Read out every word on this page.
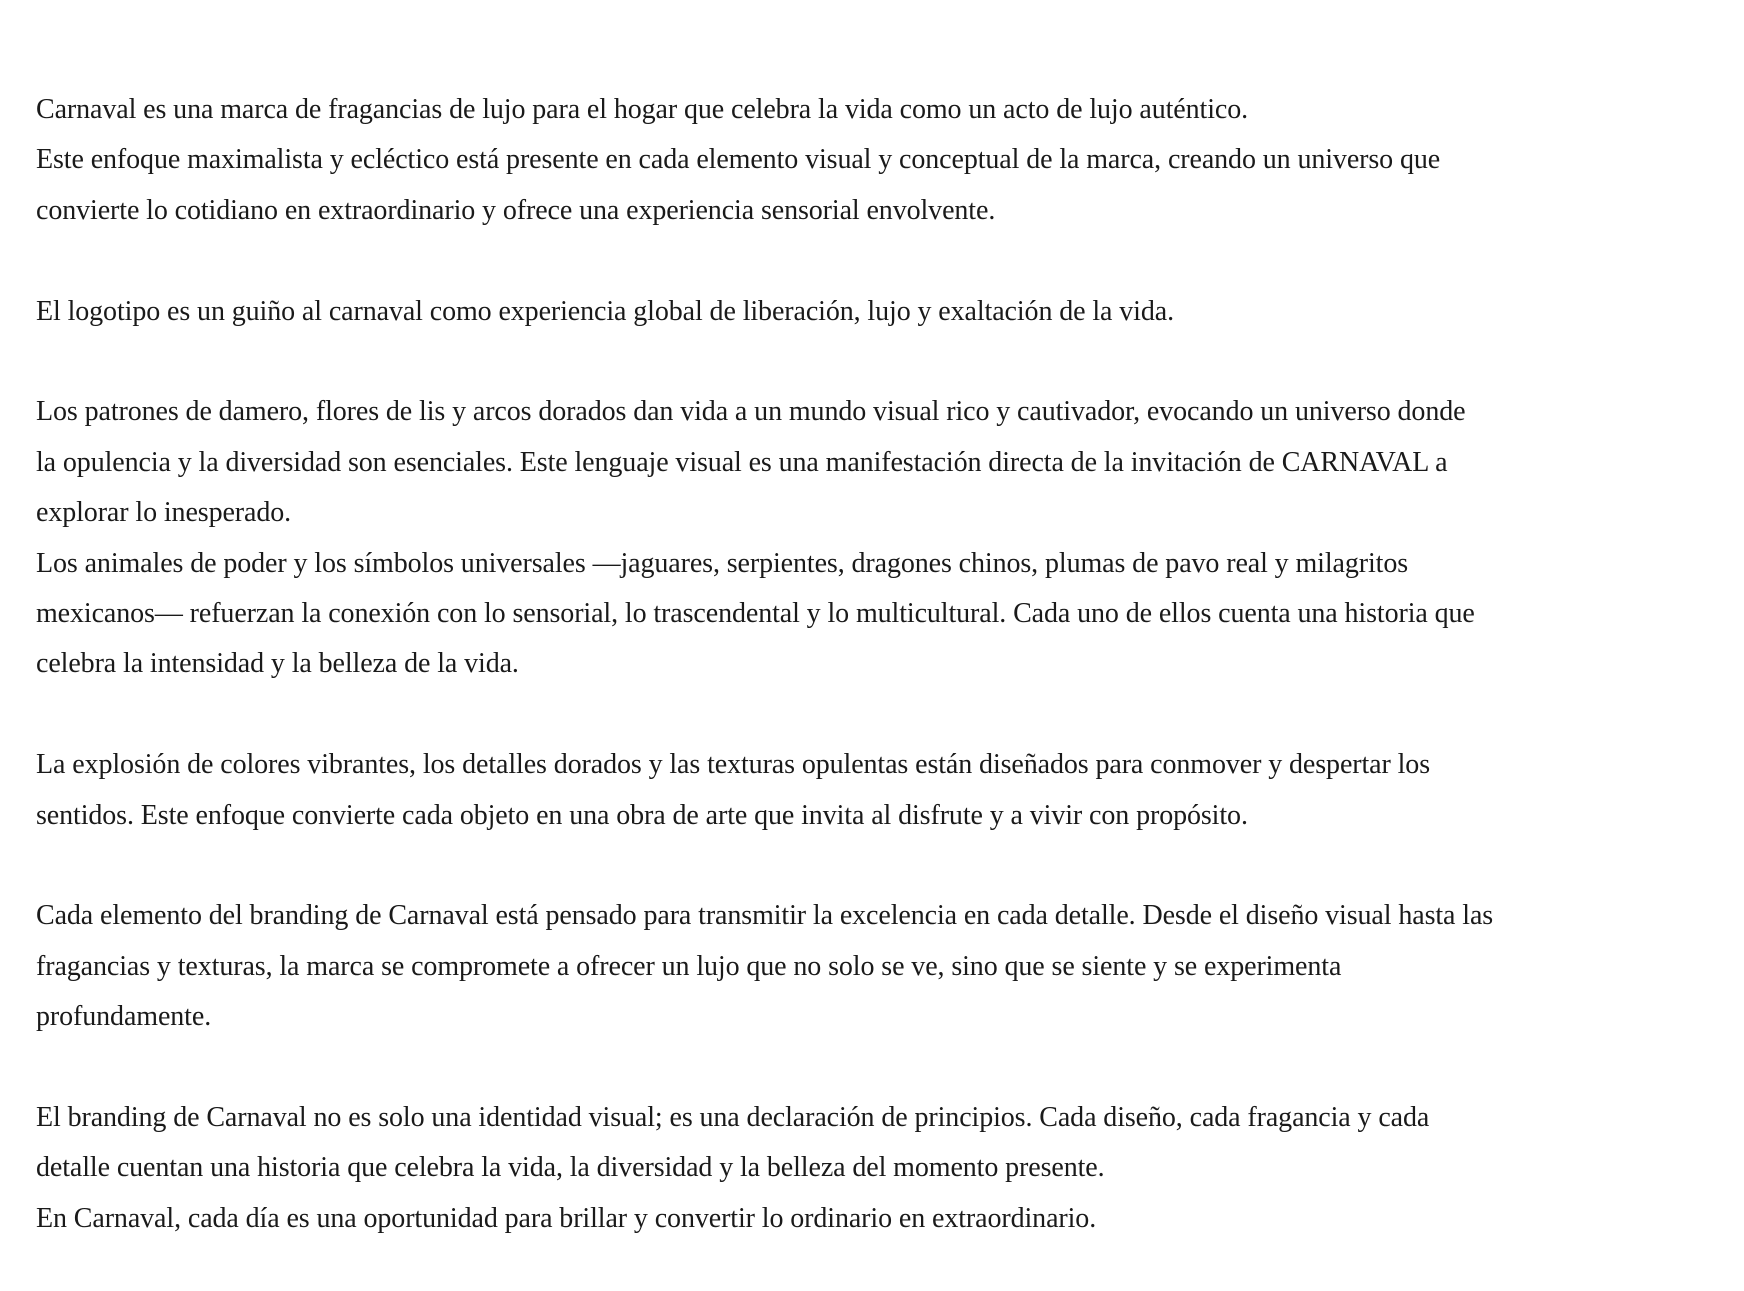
Carnaval es una marca de fragancias de lujo para el hogar que celebra la vida como un acto de lujo auténtico.
Este enfoque maximalista y ecléctico está presente en cada elemento visual y conceptual de la marca, creando un universo que
convierte lo cotidiano en extraordinario y ofrece una experiencia sensorial envolvente.

El logotipo es un guiño al carnaval como experiencia global de liberación, lujo y exaltación de la vida.

Los patrones de damero, flores de lis y arcos dorados dan vida a un mundo visual rico y cautivador, evocando un universo donde
la opulencia y la diversidad son esenciales. Este lenguaje visual es una manifestación directa de la invitación de CARNAVAL a
explorar lo inesperado.
Los animales de poder y los símbolos universales —jaguares, serpientes, dragones chinos, plumas de pavo real y milagritos
mexicanos— refuerzan la conexión con lo sensorial, lo trascendental y lo multicultural. Cada uno de ellos cuenta una historia que
celebra la intensidad y la belleza de la vida.

La explosión de colores vibrantes, los detalles dorados y las texturas opulentas están diseñados para conmover y despertar los
sentidos. Este enfoque convierte cada objeto en una obra de arte que invita al disfrute y a vivir con propósito.

Cada elemento del branding de Carnaval está pensado para transmitir la excelencia en cada detalle. Desde el diseño visual hasta las
fragancias y texturas, la marca se compromete a ofrecer un lujo que no solo se ve, sino que se siente y se experimenta
profundamente.

El branding de Carnaval no es solo una identidad visual; es una declaración de principios. Cada diseño, cada fragancia y cada
detalle cuentan una historia que celebra la vida, la diversidad y la belleza del momento presente.
En Carnaval, cada día es una oportunidad para brillar y convertir lo ordinario en extraordinario.
